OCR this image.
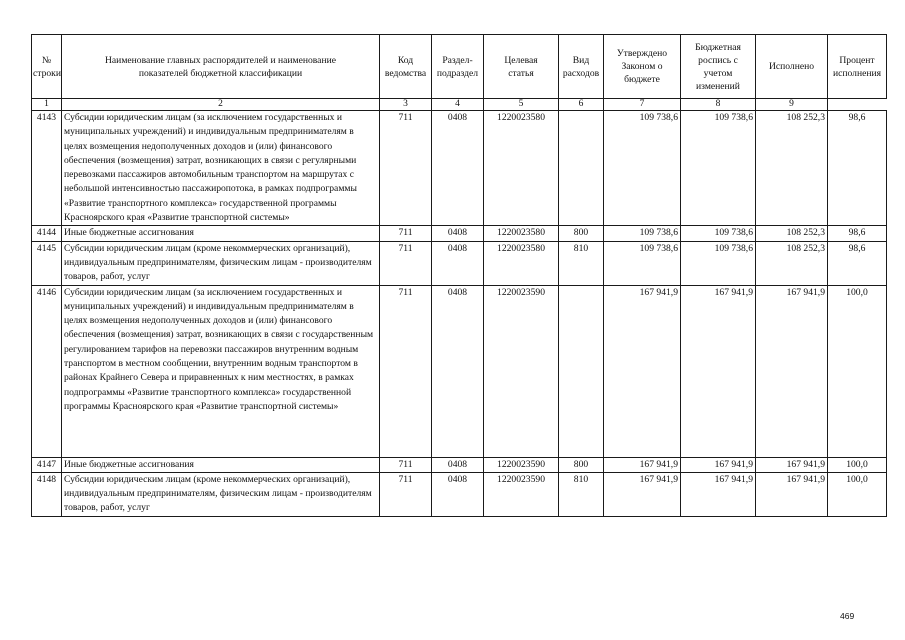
№ строки	Наименование главных распорядителей и наименование показателей бюджетной классификации	Код ведомства	Раздел-подраздел	Целевая статья	Вид расходов	Утверждено Законом о бюджете	Бюджетная роспись с учетом изменений	Исполнено	Процент исполнения
1	2	3	4	5	6	7	8	9	
4143	Субсидии юридическим лицам (за исключением государственных и муниципальных учреждений) и индивидуальным предпринимателям в целях возмещения недополученных доходов и (или) финансового обеспечения (возмещения) затрат, возникающих в связи с регулярными перевозками пассажиров автомобильным транспортом на маршрутах с небольшой интенсивностью пассажиропотока, в рамках подпрограммы «Развитие транспортного комплекса» государственной программы Красноярского края «Развитие транспортной системы»	711	0408	1220023580		109 738,6	109 738,6	108 252,3	98,6
4144	Иные бюджетные ассигнования	711	0408	1220023580	800	109 738,6	109 738,6	108 252,3	98,6
4145	Субсидии юридическим лицам (кроме некоммерческих организаций), индивидуальным предпринимателям, физическим лицам - производителям товаров, работ, услуг	711	0408	1220023580	810	109 738,6	109 738,6	108 252,3	98,6
4146	Субсидии юридическим лицам (за исключением государственных и муниципальных учреждений) и индивидуальным предпринимателям в целях возмещения недополученных доходов и (или) финансового обеспечения (возмещения) затрат, возникающих в связи с государственным регулированием тарифов на перевозки пассажиров внутренним водным транспортом в местном сообщении, внутренним водным транспортом в районах Крайнего Севера и приравненных к ним местностях, в рамках подпрограммы «Развитие транспортного комплекса» государственной программы Красноярского края «Развитие транспортной системы»	711	0408	1220023590		167 941,9	167 941,9	167 941,9	100,0
4147	Иные бюджетные ассигнования	711	0408	1220023590	800	167 941,9	167 941,9	167 941,9	100,0
4148	Субсидии юридическим лицам (кроме некоммерческих организаций), индивидуальным предпринимателям, физическим лицам - производителям товаров, работ, услуг	711	0408	1220023590	810	167 941,9	167 941,9	167 941,9	100,0
469
